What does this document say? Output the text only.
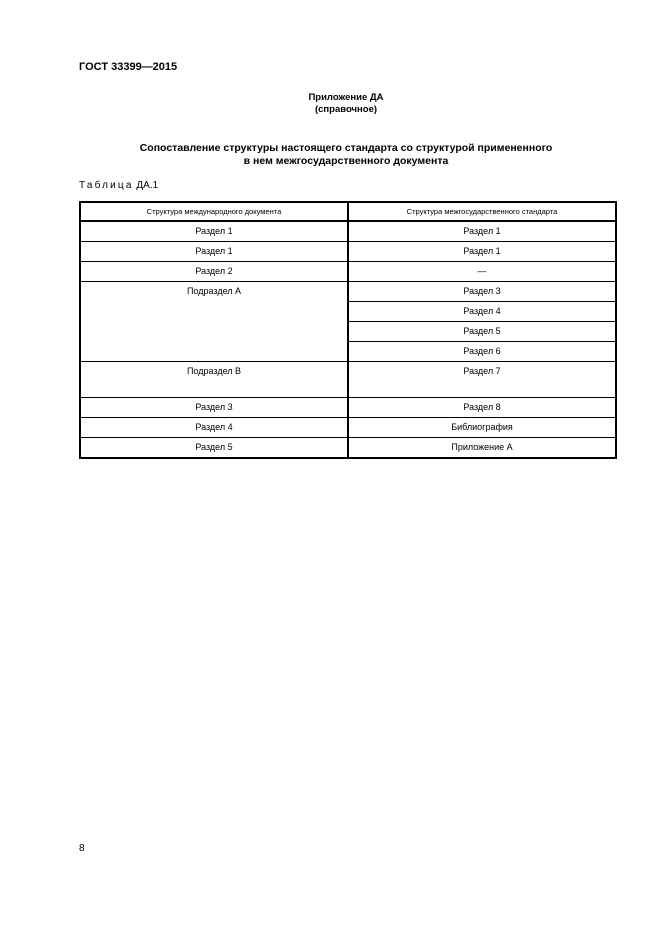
ГОСТ 33399—2015
Приложение ДА
(справочное)
Сопоставление структуры настоящего стандарта со структурой примененного
в нем межгосударственного документа
Таблица ДА.1
Структура международного документа	Структура межгосударственного стандарта
Раздел 1	Раздел 1
Раздел 1	Раздел 1
Раздел 2	—
Подраздел А	Раздел 3
	Раздел 4
	Раздел 5
	Раздел 6
Подраздел В	Раздел 7
Раздел 3	Раздел 8
Раздел 4	Библиография
Раздел 5	Приложение А
8
